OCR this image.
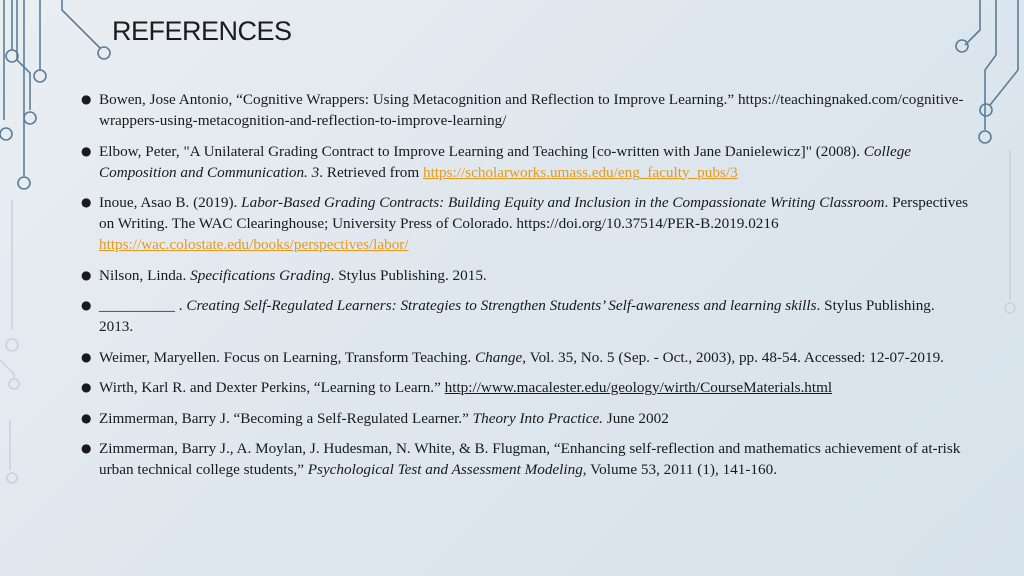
REFERENCES
● Bowen, Jose Antonio, “Cognitive Wrappers: Using Metacognition and Reflection to Improve Learning.” https://teachingnaked.com/cognitive-wrappers-using-metacognition-and-reflection-to-improve-learning/
● Elbow, Peter, "A Unilateral Grading Contract to Improve Learning and Teaching [co-written with Jane Danielewicz]" (2008). College Composition and Communication. 3. Retrieved from https://scholarworks.umass.edu/eng_faculty_pubs/3
● Inoue, Asao B. (2019). Labor-Based Grading Contracts: Building Equity and Inclusion in the Compassionate Writing Classroom. Perspectives on Writing. The WAC Clearinghouse; University Press of Colorado. https://doi.org/10.37514/PER-B.2019.0216 https://wac.colostate.edu/books/perspectives/labor/
● Nilson, Linda. Specifications Grading. Stylus Publishing. 2015.
● __________ . Creating Self-Regulated Learners: Strategies to Strengthen Students’ Self-awareness and learning skills. Stylus Publishing. 2013.
● Weimer, Maryellen. Focus on Learning, Transform Teaching. Change, Vol. 35, No. 5 (Sep. - Oct., 2003), pp. 48-54. Accessed: 12-07-2019.
● Wirth, Karl R. and Dexter Perkins, “Learning to Learn.” http://www.macalester.edu/geology/wirth/CourseMaterials.html
● Zimmerman, Barry J. “Becoming a Self-Regulated Learner.” Theory Into Practice. June 2002
● Zimmerman, Barry J., A. Moylan, J. Hudesman, N. White, & B. Flugman, “Enhancing self-reflection and mathematics achievement of at-risk urban technical college students,” Psychological Test and Assessment Modeling, Volume 53, 2011 (1), 141-160.
